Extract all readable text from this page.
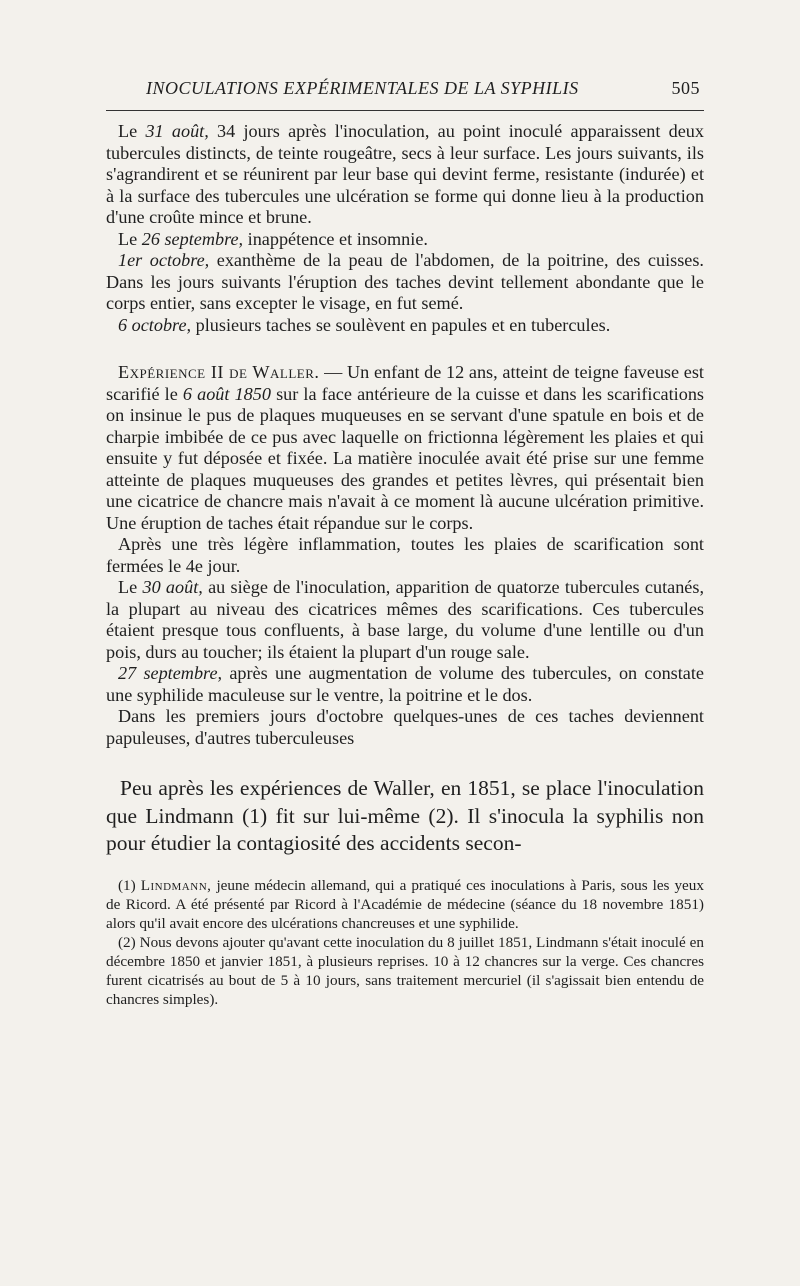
INOCULATIONS EXPÉRIMENTALES DE LA SYPHILIS	505

Le 31 août, 34 jours après l'inoculation, au point inoculé apparaissent deux tubercules distincts, de teinte rougeâtre, secs à leur surface. Les jours suivants, ils s'agrandirent et se réunirent par leur base qui devint ferme, resistante (indurée) et à la surface des tubercules une ulcération se forme qui donne lieu à la production d'une croûte mince et brune.

Le 26 septembre, inappétence et insomnie.

1er octobre, exanthème de la peau de l'abdomen, de la poitrine, des cuisses. Dans les jours suivants l'éruption des taches devint tellement abondante que le corps entier, sans excepter le visage, en fut semé.

6 octobre, plusieurs taches se soulèvent en papules et en tubercules.

Expérience II de Waller. — Un enfant de 12 ans, atteint de teigne faveuse est scarifié le 6 août 1850 sur la face antérieure de la cuisse et dans les scarifications on insinue le pus de plaques muqueuses en se servant d'une spatule en bois et de charpie imbibée de ce pus avec laquelle on frictionna légèrement les plaies et qui ensuite y fut déposée et fixée. La matière inoculée avait été prise sur une femme atteinte de plaques muqueuses des grandes et petites lèvres, qui présentait bien une cicatrice de chancre mais n'avait à ce moment là aucune ulcération primitive. Une éruption de taches était répandue sur le corps.

Après une très légère inflammation, toutes les plaies de scarification sont fermées le 4e jour.

Le 30 août, au siège de l'inoculation, apparition de quatorze tubercules cutanés, la plupart au niveau des cicatrices mêmes des scarifications. Ces tubercules étaient presque tous confluents, à base large, du volume d'une lentille ou d'un pois, durs au toucher; ils étaient la plupart d'un rouge sale.

27 septembre, après une augmentation de volume des tubercules, on constate une syphilide maculeuse sur le ventre, la poitrine et le dos.

Dans les premiers jours d'octobre quelques-unes de ces taches deviennent papuleuses, d'autres tuberculeuses

Peu après les expériences de Waller, en 1851, se place l'inoculation que Lindmann (1) fit sur lui-même (2). Il s'inocula la syphilis non pour étudier la contagiosité des accidents secon-

(1) Lindmann, jeune médecin allemand, qui a pratiqué ces inoculations à Paris, sous les yeux de Ricord. A été présenté par Ricord à l'Académie de médecine (séance du 18 novembre 1851) alors qu'il avait encore des ulcérations chancreuses et une syphilide.

(2) Nous devons ajouter qu'avant cette inoculation du 8 juillet 1851, Lindmann s'était inoculé en décembre 1850 et janvier 1851, à plusieurs reprises. 10 à 12 chancres sur la verge. Ces chancres furent cicatrisés au bout de 5 à 10 jours, sans traitement mercuriel (il s'agissait bien entendu de chancres simples).
